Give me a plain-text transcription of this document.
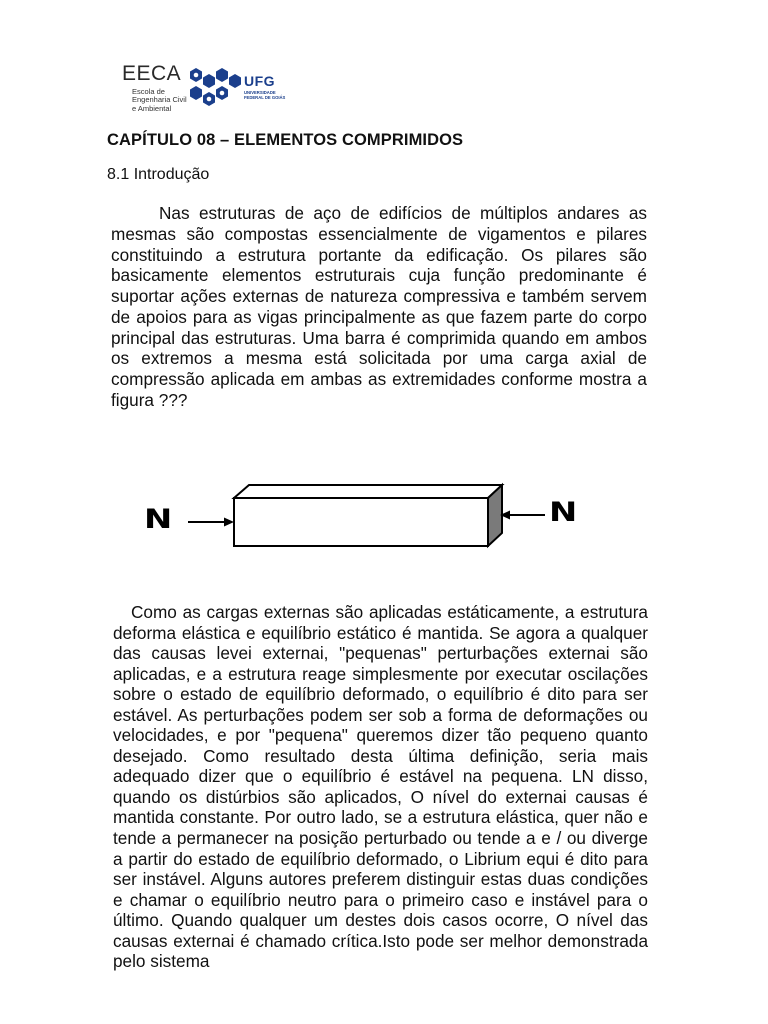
EECA
Escola de Engenharia Civil e Ambiental
UFG
UNIVERSIDADE FEDERAL DE GOIÁS
CAPÍTULO 08 – ELEMENTOS COMPRIMIDOS
8.1 Introdução

Nas estruturas de aço de edifícios de múltiplos andares as mesmas são compostas essencialmente de vigamentos e pilares constituindo a estrutura portante da edificação. Os pilares são basicamente elementos estruturais cuja função predominante é suportar ações externas de natureza compressiva e também servem de apoios para as vigas principalmente as que fazem parte do corpo principal das estruturas. Uma barra é comprimida quando em ambos os extremos a mesma está solicitada por uma carga axial de compressão aplicada em ambas as extremidades conforme mostra a figura ???

N	N

Como as cargas externas são aplicadas estáticamente, a estrutura deforma elástica e equilíbrio estático é mantida. Se agora a qualquer das causas levei externai, "pequenas" perturbações externai são aplicadas, e a estrutura reage simplesmente por executar oscilações sobre o estado de equilíbrio deformado, o equilíbrio é dito para ser estável. As perturbações podem ser sob a forma de deformações ou velocidades, e por "pequena" queremos dizer tão pequeno quanto desejado. Como resultado desta última definição, seria mais adequado dizer que o equilíbrio é estável na pequena. LN disso, quando os distúrbios são aplicados, O nível do externai causas é mantida constante. Por outro lado, se a estrutura elástica, quer não e tende a permanecer na posição perturbado ou tende a e / ou diverge a partir do estado de equilíbrio deformado, o Librium equi é dito para ser instável. Alguns autores preferem distinguir estas duas condições e chamar o equilíbrio neutro para o primeiro caso e instável para o último. Quando qualquer um destes dois casos ocorre, O nível das causas externai é chamado crítica.Isto pode ser melhor demonstrada pelo sistema
